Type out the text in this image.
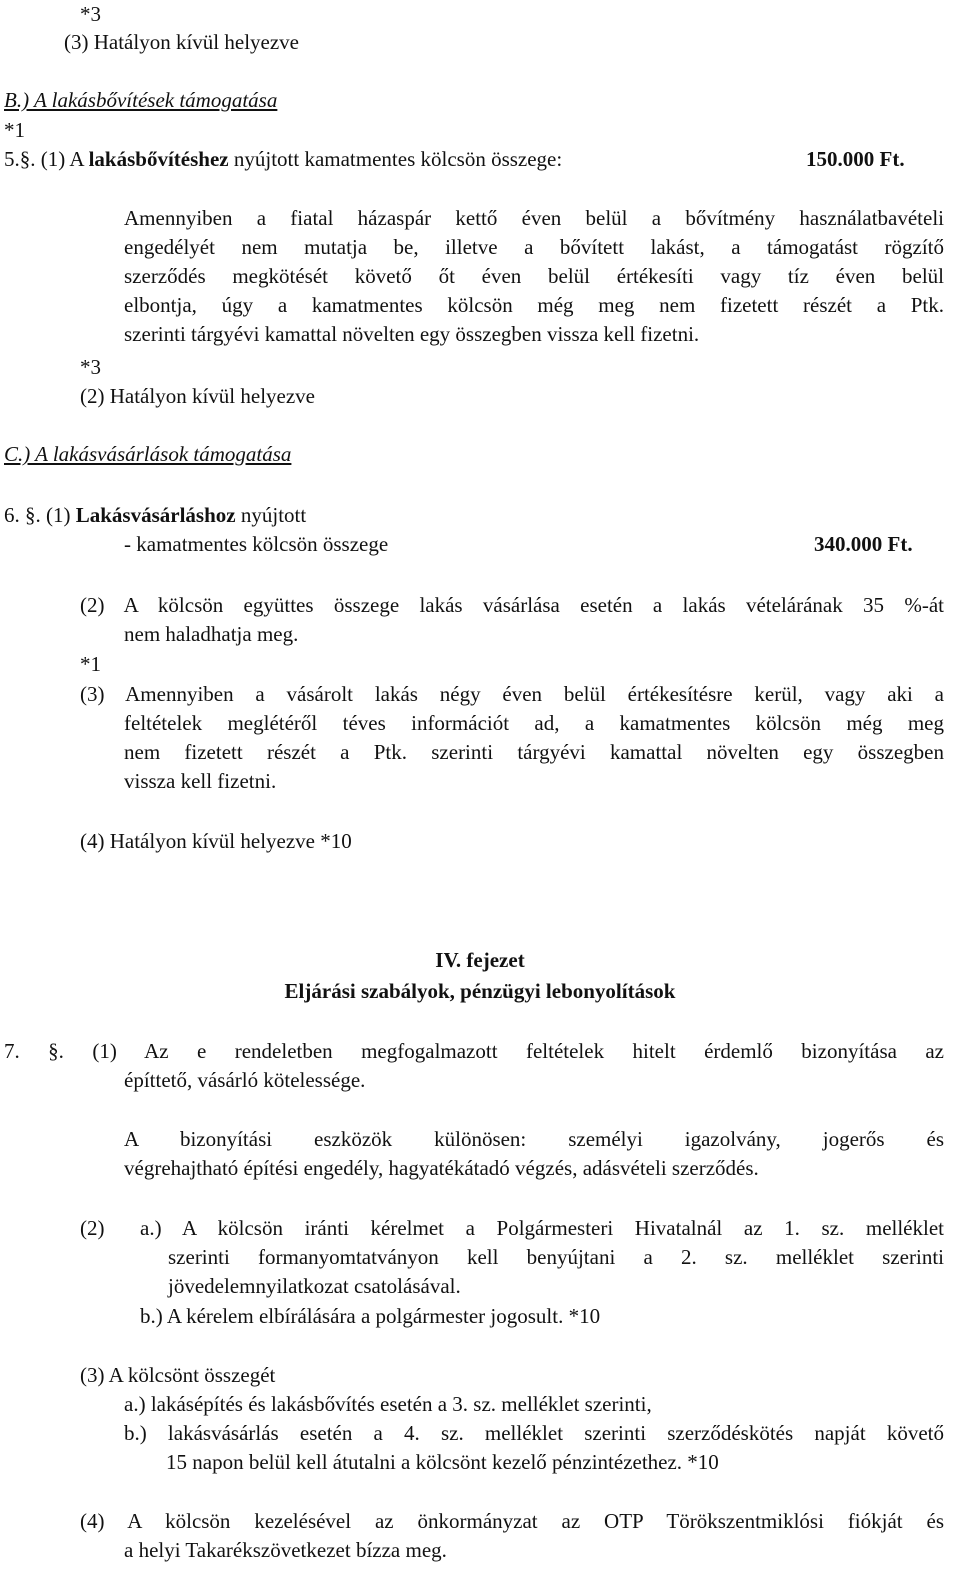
*3
(3) Hatályon kívül helyezve
B.) A lakásbővítések támogatása
*1
5.§. (1) A lakásbővítéshez nyújtott kamatmentes kölcsön összege:	150.000 Ft.
Amennyiben a fiatal házaspár kettő éven belül a bővítmény használatbavételi
engedélyét nem mutatja be, illetve a bővített lakást, a támogatást rögzítő
szerződés megkötését követő őt éven belül értékesíti vagy tíz éven belül
elbontja, úgy a kamatmentes kölcsön még meg nem fizetett részét a Ptk.
szerinti tárgyévi kamattal növelten egy összegben vissza kell fizetni.
*3
(2) Hatályon kívül helyezve
C.) A lakásvásárlások támogatása
6. §. (1) Lakásvásárláshoz nyújtott
- kamatmentes kölcsön összege	340.000 Ft.
(2) A kölcsön együttes összege lakás vásárlása esetén a lakás vételárának 35 %-át
nem haladhatja meg.
*1
(3) Amennyiben a vásárolt lakás négy éven belül értékesítésre kerül, vagy aki a
feltételek meglétéről téves információt ad, a kamatmentes kölcsön még meg
nem fizetett részét a Ptk. szerinti tárgyévi kamattal növelten egy összegben
vissza kell fizetni.
(4) Hatályon kívül helyezve *10
IV. fejezet
Eljárási szabályok, pénzügyi lebonyolítások
7. §. (1) Az e rendeletben megfogalmazott feltételek hitelt érdemlő bizonyítása az
építtető, vásárló kötelessége.
A bizonyítási eszközök különösen: személyi igazolvány, jogerős és
végrehajtható építési engedély, hagyatékátadó végzés, adásvételi szerződés.
(2) a.) A kölcsön iránti kérelmet a Polgármesteri Hivatalnál az 1. sz. melléklet
szerinti formanyomtatványon kell benyújtani a 2. sz. melléklet szerinti
jövedelemnyilatkozat csatolásával.
b.) A kérelem elbírálására a polgármester jogosult. *10
(3) A kölcsönt összegét
a.) lakásépítés és lakásbővítés esetén a 3. sz. melléklet szerinti,
b.) lakásvásárlás esetén a 4. sz. melléklet szerinti szerződéskötés napját követő
15 napon belül kell átutalni a kölcsönt kezelő pénzintézethez. *10
(4) A kölcsön kezelésével az önkormányzat az OTP Törökszentmiklósi fiókját és
a helyi Takarékszövetkezet bízza meg.
